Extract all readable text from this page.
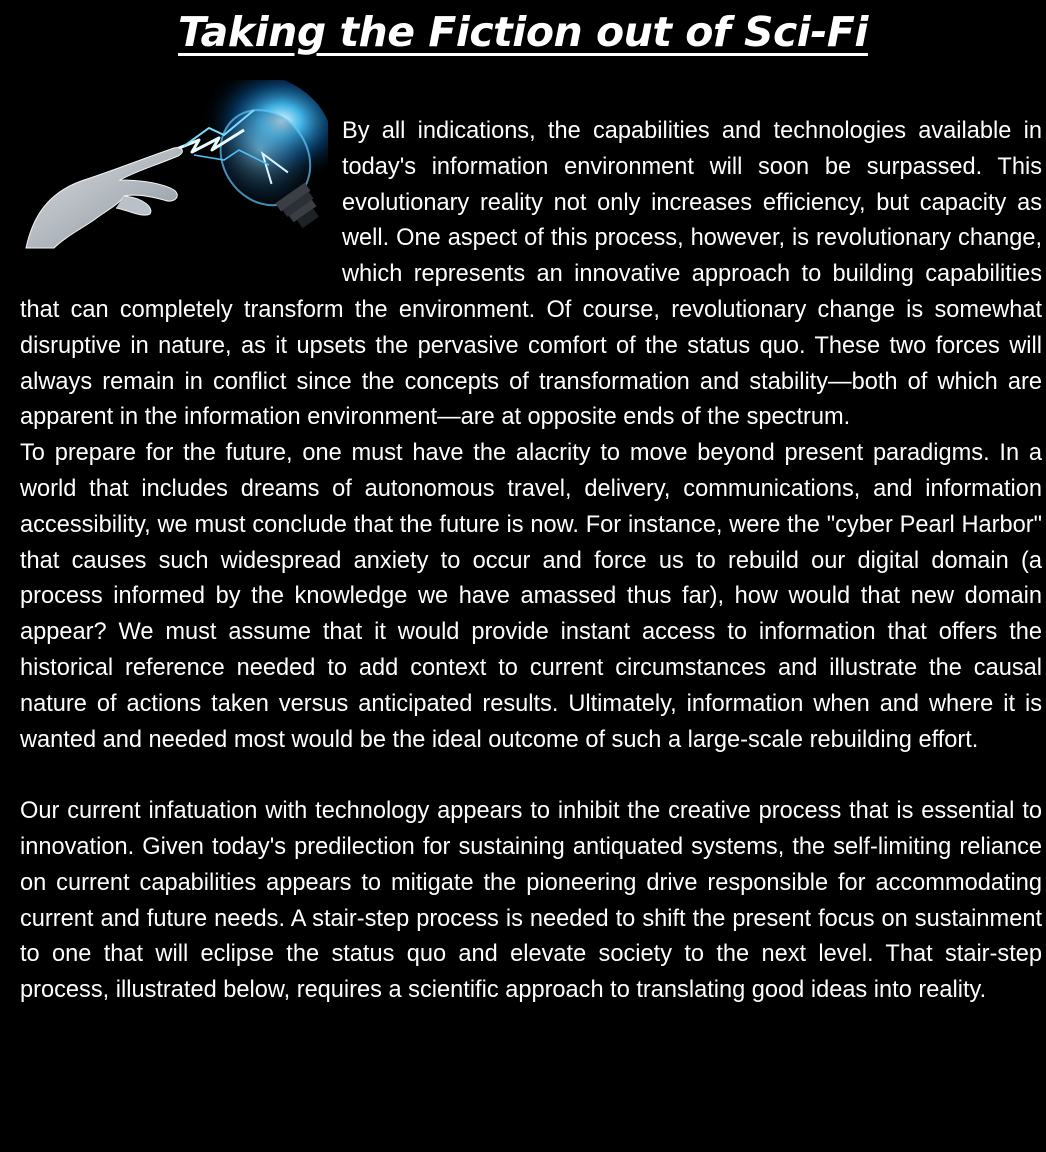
Taking the Fiction out of Sci-Fi

By all indications, the capabilities and technologies available in today's information environment will soon be surpassed. This evolutionary reality not only increases efficiency, but capacity as well. One aspect of this process, however, is revolutionary change, which represents an innovative approach to building capabilities that can completely transform the environment. Of course, revolutionary change is somewhat disruptive in nature, as it upsets the pervasive comfort of the status quo. These two forces will always remain in conflict since the concepts of transformation and stability—both of which are apparent in the information environment—are at opposite ends of the spectrum.

To prepare for the future, one must have the alacrity to move beyond present paradigms. In a world that includes dreams of autonomous travel, delivery, communications, and information accessibility, we must conclude that the future is now. For instance, were the "cyber Pearl Harbor" that causes such widespread anxiety to occur and force us to rebuild our digital domain (a process informed by the knowledge we have amassed thus far), how would that new domain appear? We must assume that it would provide instant access to information that offers the historical reference needed to add context to current circumstances and illustrate the causal nature of actions taken versus anticipated results. Ultimately, information when and where it is wanted and needed most would be the ideal outcome of such a large-scale rebuilding effort.

Our current infatuation with technology appears to inhibit the creative process that is essential to innovation. Given today's predilection for sustaining antiquated systems, the self-limiting reliance on current capabilities appears to mitigate the pioneering drive responsible for accommodating current and future needs. A stair-step process is needed to shift the present focus on sustainment to one that will eclipse the status quo and elevate society to the next level. That stair-step process, illustrated below, requires a scientific approach to translating good ideas into reality.
